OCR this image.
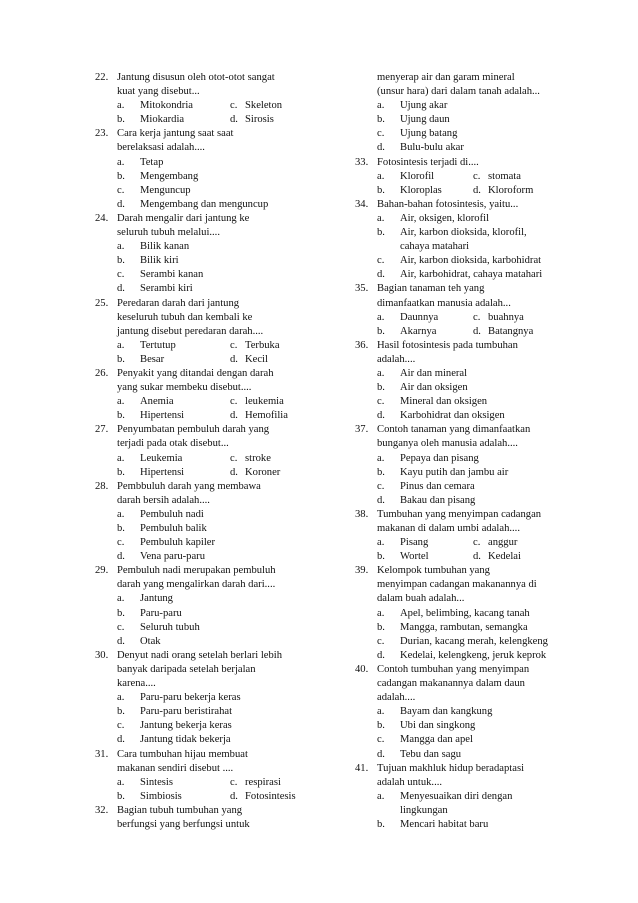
22. Jantung disusun oleh otot-otot sangat
kuat yang disebut...
a. Mitokondria	c. Skeleton
b. Miokardia	d. Sirosis
23. Cara kerja jantung saat saat
berelaksasi adalah....
a. Tetap
b. Mengembang
c. Menguncup
d. Mengembang dan menguncup
24. Darah mengalir dari jantung ke
seluruh tubuh melalui....
a. Bilik kanan
b. Bilik kiri
c. Serambi kanan
d. Serambi kiri
25. Peredaran darah dari jantung
keseluruh tubuh dan kembali ke
jantung disebut peredaran darah....
a. Tertutup	c. Terbuka
b. Besar	d. Kecil
26. Penyakit yang ditandai dengan darah
yang sukar membeku disebut....
a. Anemia	c. leukemia
b. Hipertensi	d. Hemofilia
27. Penyumbatan pembuluh darah yang
terjadi pada otak disebut...
a. Leukemia	c. stroke
b. Hipertensi	d. Koroner
28. Pembbuluh darah yang membawa
darah bersih adalah....
a. Pembuluh nadi
b. Pembuluh balik
c. Pembuluh kapiler
d. Vena paru-paru
29. Pembuluh nadi merupakan pembuluh
darah yang mengalirkan darah dari....
a. Jantung
b. Paru-paru
c. Seluruh tubuh
d. Otak
30. Denyut nadi orang setelah berlari lebih
banyak daripada setelah berjalan
karena....
a. Paru-paru bekerja keras
b. Paru-paru beristirahat
c. Jantung bekerja keras
d. Jantung tidak bekerja
31. Cara tumbuhan hijau membuat
makanan sendiri disebut ....
a. Sintesis	c. respirasi
b. Simbiosis	d. Fotosintesis
32. Bagian tubuh tumbuhan yang
berfungsi yang berfungsi untuk
menyerap air dan garam mineral
(unsur hara) dari dalam tanah adalah...
a. Ujung akar
b. Ujung daun
c. Ujung batang
d. Bulu-bulu akar
33. Fotosintesis terjadi di....
a. Klorofil	c. stomata
b. Kloroplas	d. Kloroform
34. Bahan-bahan fotosintesis, yaitu...
a. Air, oksigen, klorofil
b. Air, karbon dioksida, klorofil,
cahaya matahari
c. Air, karbon dioksida, karbohidrat
d. Air, karbohidrat, cahaya matahari
35. Bagian tanaman teh yang
dimanfaatkan manusia adalah...
a. Daunnya	c. buahnya
b. Akarnya	d. Batangnya
36. Hasil fotosintesis pada tumbuhan
adalah....
a. Air dan mineral
b. Air dan oksigen
c. Mineral dan oksigen
d. Karbohidrat dan oksigen
37. Contoh tanaman yang dimanfaatkan
bunganya oleh manusia adalah....
a. Pepaya dan pisang
b. Kayu putih dan jambu air
c. Pinus dan cemara
d. Bakau dan pisang
38. Tumbuhan yang menyimpan cadangan
makanan di dalam umbi adalah....
a. Pisang	c. anggur
b. Wortel	d. Kedelai
39. Kelompok tumbuhan yang
menyimpan cadangan makanannya di
dalam buah adalah...
a. Apel, belimbing, kacang tanah
b. Mangga, rambutan, semangka
c. Durian, kacang merah, kelengkeng
d. Kedelai, kelengkeng, jeruk keprok
40. Contoh tumbuhan yang menyimpan
cadangan makanannya dalam daun
adalah....
a. Bayam dan kangkung
b. Ubi dan singkong
c. Mangga dan apel
d. Tebu dan sagu
41. Tujuan makhluk hidup beradaptasi
adalah untuk....
a. Menyesuaikan diri dengan
lingkungan
b. Mencari habitat baru
